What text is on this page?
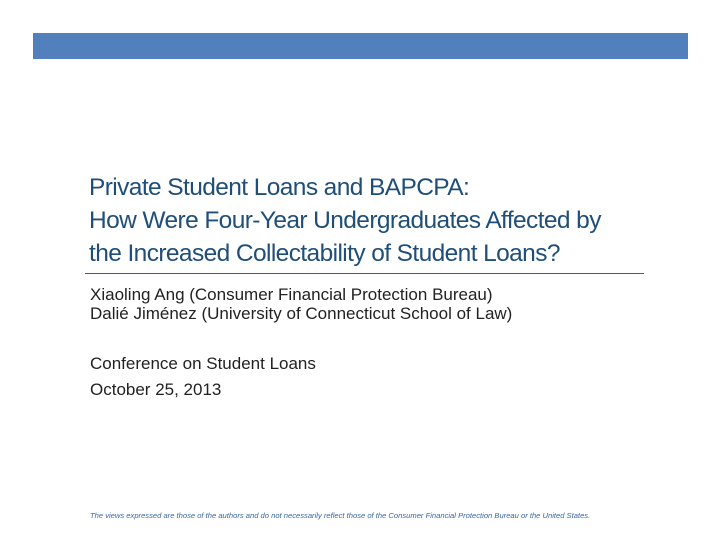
Private Student Loans and BAPCPA:
How Were Four-Year Undergraduates Affected by
the Increased Collectability of Student Loans?
Xiaoling Ang (Consumer Financial Protection Bureau)
Dalié Jiménez (University of Connecticut School of Law)
Conference on Student Loans
October 25, 2013
The views expressed are those of the authors and do not necessarily reflect those of the Consumer Financial Protection Bureau or the United States.
